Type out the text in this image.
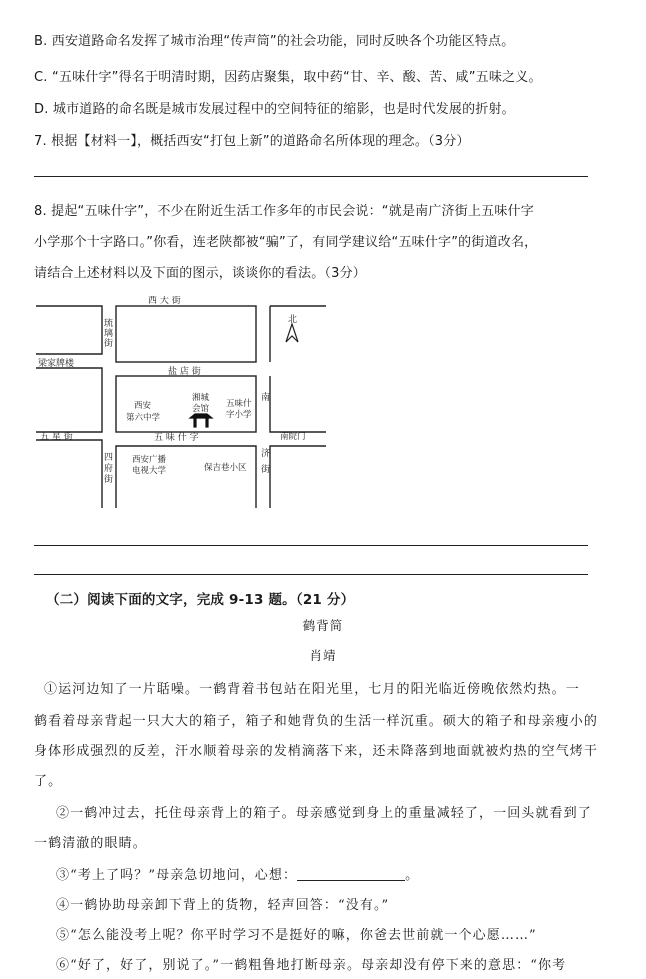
B. 西安道路命名发挥了城市治理“传声筒”的社会功能，同时反映各个功能区特点。
C. “五味什字”得名于明清时期，因药店聚集，取中药“甘、辛、酸、苦、咸”五味之义。
D. 城市道路的命名既是城市发展过程中的空间特征的缩影，也是时代发展的折射。
7. 根据【材料一】，概括西安“打包上新”的道路命名所体现的理念。（3分）
8. 提起“五味什字”，不少在附近生活工作多年的市民会说：“就是南广济街上五味什字
小学那个十字路口。”你看，连老陕都被“骗”了，有同学建议给“五味什字”的街道改名，
请结合上述材料以及下面的图示，谈谈你的看法。（3分）
北
西 大 街
琉
璃
街
梁家牌楼
盐 店 街
南
西安
第六中学
湘城
会馆 五味什
字小学
五 星 街	五 味 什 字	南院门
四
府
街
西安广播
电视大学	保吉巷小区
济
街
（二）阅读下面的文字，完成 9-13 题。（21 分）
鹤背简
肖靖
①运河边知了一片聒噪。一鹤背着书包站在阳光里，七月的阳光临近傍晚依然灼热。一
鹤看着母亲背起一只大大的箱子，箱子和她背负的生活一样沉重。硕大的箱子和母亲瘦小的
身体形成强烈的反差，汗水顺着母亲的发梢滴落下来，还未降落到地面就被灼热的空气烤干
了。
②一鹤冲过去，托住母亲背上的箱子。母亲感觉到身上的重量减轻了，一回头就看到了
一鹤清澈的眼睛。
③“考上了吗？”母亲急切地问，心想：	。
④一鹤协助母亲卸下背上的货物，轻声回答：“没有。”
⑤“怎么能没考上呢？你平时学习不是挺好的嘛，你爸去世前就一个心愿……”
⑥“好了，好了，别说了。”一鹤粗鲁地打断母亲。母亲却没有停下来的意思：“你考
